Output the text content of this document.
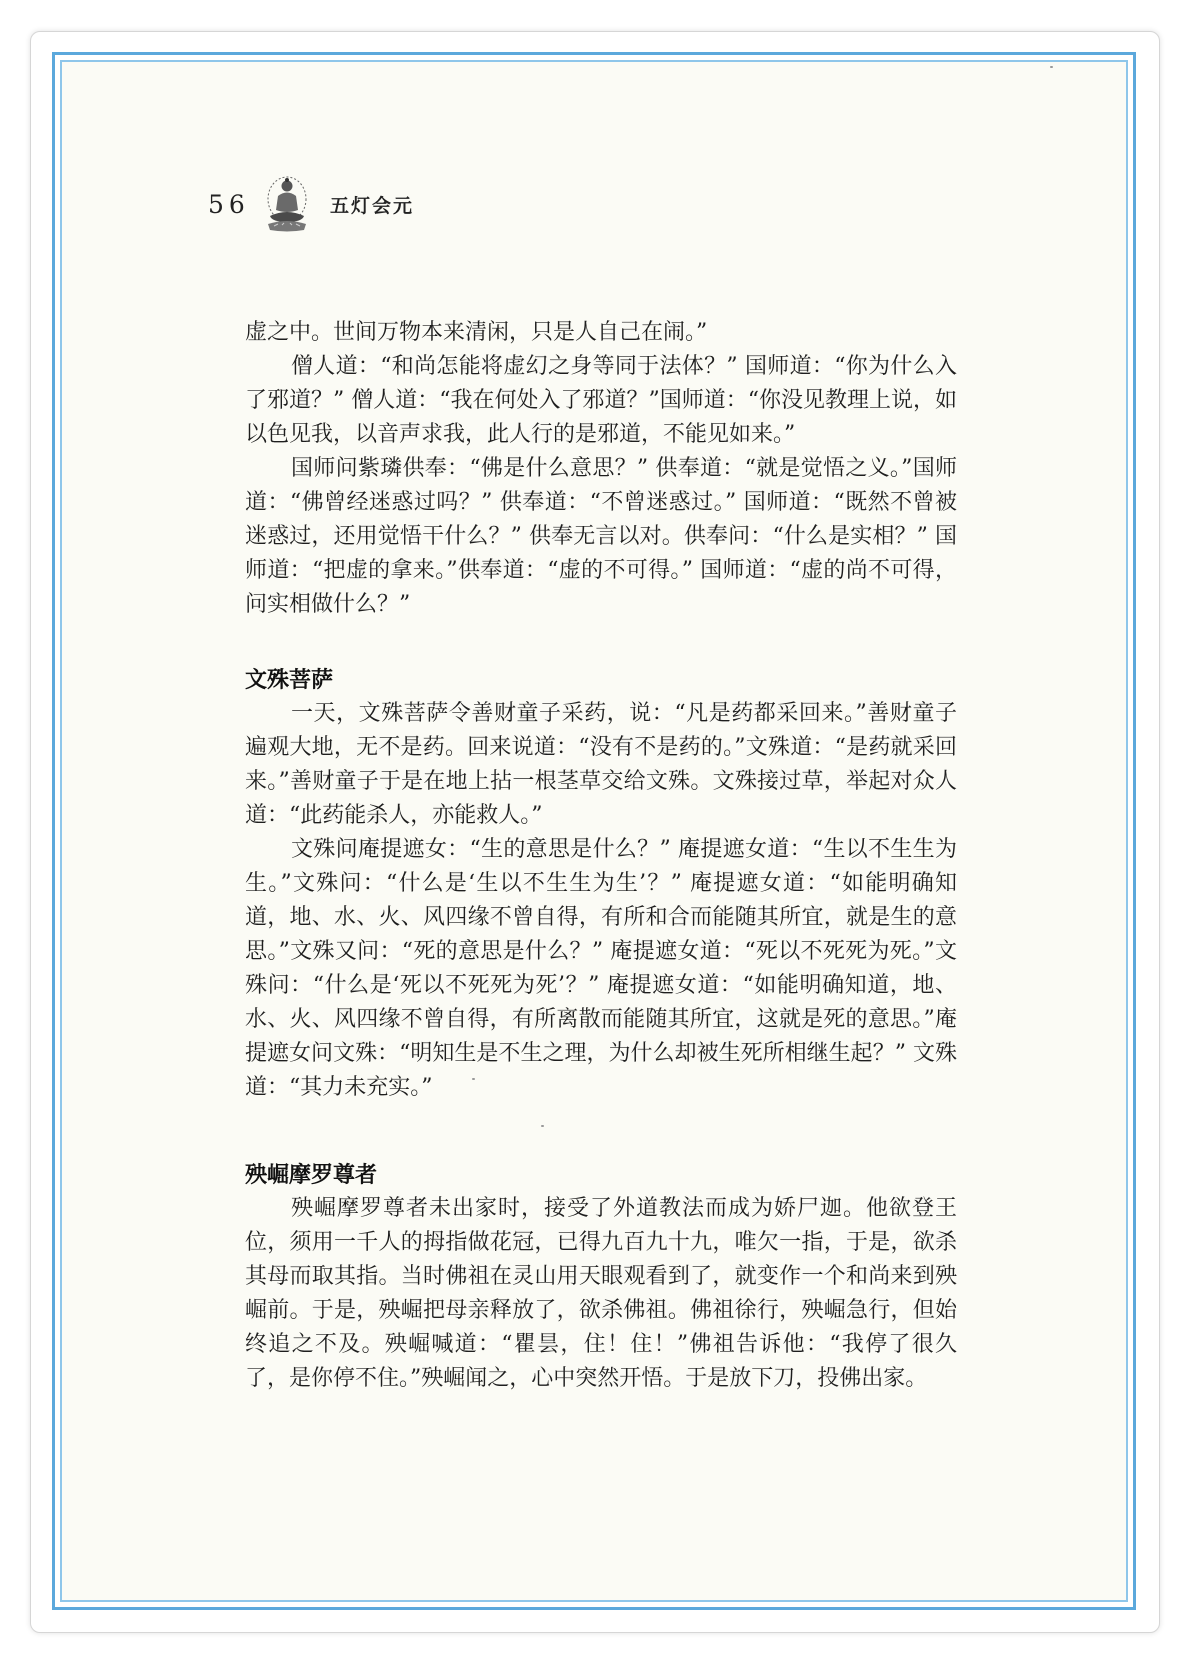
56	五灯会元

虚之中。世间万物本来清闲，只是人自己在闹。”

僧人道：“和尚怎能将虚幻之身等同于法体？” 国师道：“你为什么入了邪道？” 僧人道：“我在何处入了邪道？”国师道：“你没见教理上说，如以色见我，以音声求我，此人行的是邪道，不能见如来。”

国师问紫璘供奉：“佛是什么意思？” 供奉道：“就是觉悟之义。”国师道：“佛曾经迷惑过吗？” 供奉道：“不曾迷惑过。” 国师道：“既然不曾被迷惑过，还用觉悟干什么？” 供奉无言以对。供奉问：“什么是实相？” 国师道：“把虚的拿来。”供奉道：“虚的不可得。” 国师道：“虚的尚不可得，问实相做什么？”

文殊菩萨

一天，文殊菩萨令善财童子采药，说：“凡是药都采回来。”善财童子遍观大地，无不是药。回来说道：“没有不是药的。”文殊道：“是药就采回来。”善财童子于是在地上拈一根茎草交给文殊。文殊接过草，举起对众人道：“此药能杀人，亦能救人。”

文殊问庵提遮女：“生的意思是什么？” 庵提遮女道：“生以不生生为生。”文殊问：“什么是‘生以不生生为生’？” 庵提遮女道：“如能明确知道，地、水、火、风四缘不曾自得，有所和合而能随其所宜，就是生的意思。”文殊又问：“死的意思是什么？” 庵提遮女道：“死以不死死为死。”文殊问：“什么是‘死以不死死为死’？” 庵提遮女道：“如能明确知道，地、水、火、风四缘不曾自得，有所离散而能随其所宜，这就是死的意思。”庵提遮女问文殊：“明知生是不生之理，为什么却被生死所相继生起？” 文殊道：“其力未充实。”

殃崛摩罗尊者

殃崛摩罗尊者未出家时，接受了外道教法而成为娇尸迦。他欲登王位，须用一千人的拇指做花冠，已得九百九十九，唯欠一指，于是，欲杀其母而取其指。当时佛祖在灵山用天眼观看到了，就变作一个和尚来到殃崛前。于是，殃崛把母亲释放了，欲杀佛祖。佛祖徐行，殃崛急行，但始终追之不及。殃崛喊道：“瞿昙，住！住！”佛祖告诉他：“我停了很久了，是你停不住。”殃崛闻之，心中突然开悟。于是放下刀，投佛出家。
